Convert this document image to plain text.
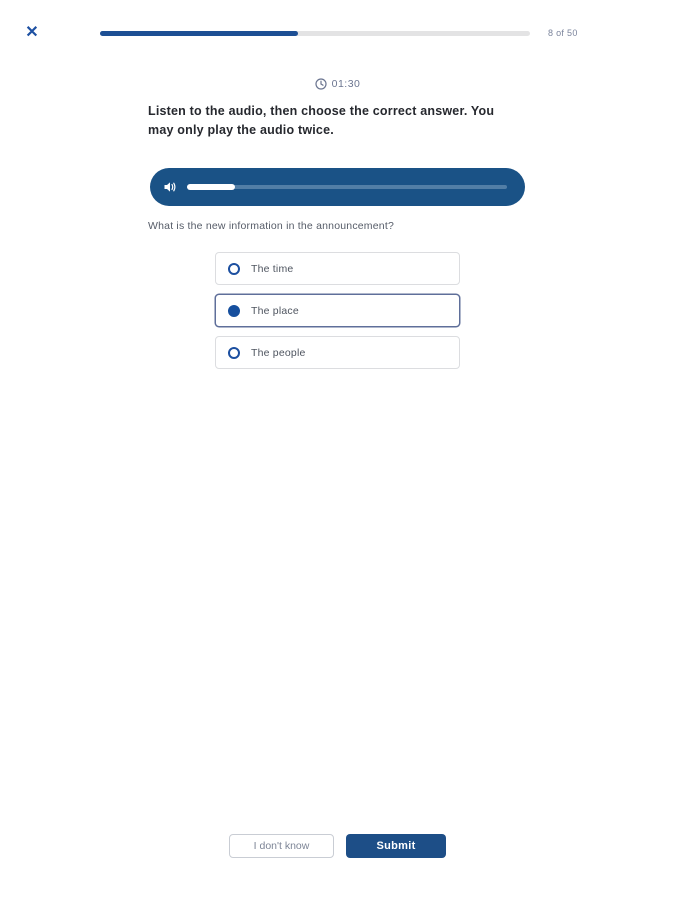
✕	8 of 50
01:30

Listen to the audio, then choose the correct answer. You may only play the audio twice.

What is the new information in the announcement?

The time
The place
The people
I don't know	Submit
